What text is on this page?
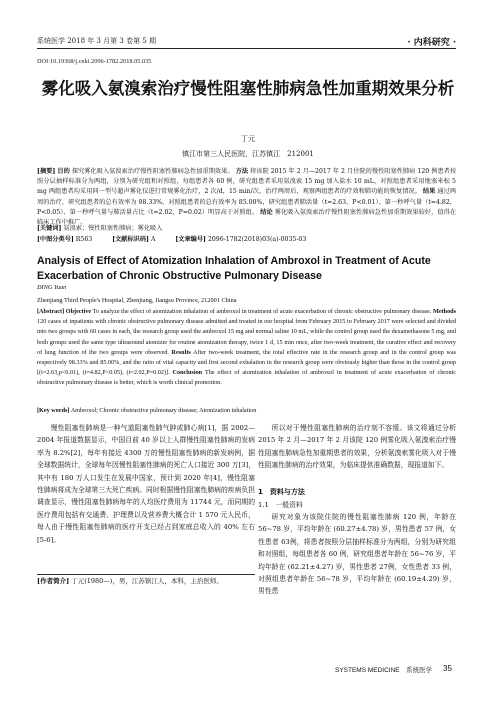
系统医学 2018 年 3 月第 3 卷第 5 期	· 内科研究 ·
DOI:10.19368/j.cnki.2096-1782.2018.05.035
雾化吸入氨溴索治疗慢性阻塞性肺病急性加重期效果分析
丁元
镇江市第三人民医院，江苏镇江　212001
[摘要] 目的 探究雾化吸入氨溴索治疗慢性阻塞性肺病急性加重期效果。 方法 将该院 2015 年 2 月—2017 年 2 月住院的慢性阻塞性肺病 120 例患者按照分层抽样标准分为两组，分别为研究组和对照组，每组患者各 60 例，研究组患者采用氨溴索 15 mg 加入盐水 10 mL，对照组患者采用地塞米松 5 mg 两组患者均采用同一型号超声雾化仪进行常规雾化治疗，2 次/d，15 min/次，治疗两周后，观察两组患者的疗效和肺功能的恢复情况。 结果 通过两周的治疗，研究组患者的总有效率为 98.33%，对照组患者的总有效率为 85.00%，研究组患者肺活量（t=2.63，P<0.01）、第一秒呼气量（t=4.82，P<0.05）、第一秒呼气量与肺活量占比（t=2.02，P=0.02）明显高于对照组。 结论 雾化吸入氨溴索治疗慢性阻塞性肺病急性加重期效果较好，值得在临床工作中推广。
[关键词] 氨溴索；慢性阻塞性肺病；雾化吸入
[中图分类号] R563	[文献标识码] A	[文章编号] 2096-1782(2018)03(a)-0035-03
Analysis of Effect of Atomization Inhalation of Ambroxol in Treatment of Acute Exacerbation of Chronic Obstructive Pulmonary Disease
DING Yuan
Zhenjiang Third People's Hospital, Zhenjiang, Jiangsu Province, 212001 China
[Abstract] Objective To analyze the effect of atomization inhalation of ambroxol in treatment of acute exacerbation of chronic obstructive pulmonary disease. Methods 120 cases of inpatients with chronic obstructive pulmonary disease admitted and treated in our hospital from February 2015 to February 2017 were selected and divided into two groups with 60 cases in each, the research group used the ambroxol 15 mg and normal saline 10 mL, while the control group used the dexamethasone 5 mg, and both groups used the same type ultrasound atomizer for routine atomization therapy, twice 1 d, 15 min once, after two-week treatment, the curative effect and recovery of lung function of the two groups were observed. Results After two-week treatment, the total effective rate in the research group and in the control group was respectively 98.33% and 85.00%, and the ratio of vital capacity and first second exhalation in the research group were obviously higher than those in the control group [(t=2.63,p<0.01), (t=4.82,P<0.05), (t=2.02,P=0.02)]. Conclusion The effect of atomization inhalation of ambroxol in treatment of acute exacerbation of chronic obstructive pulmonary disease is better, which is worth clinical promotion.
[Key words] Ambroxol; Chronic obstructive pulmonary disease; Atomization inhalation
慢性阻塞性肺病是一种气道阻塞性肺气肿或肺心病[1]，据 2002—2004 年报道数据显示，中国目前 40 岁以上人群慢性阻塞性肺病的发病率为 8.2%[2]，每年有接近 4300 万的慢性阻塞性肺病的新发病例，据全球数据统计，全球每年因慢性阻塞性肺病的死亡人口接近 300 万[3]，其中有 180 万人口发生在发展中国家，预计到 2020 年[4]，慢性阻塞性肺病将成为全球第三大死亡疾病。同时根据慢性阻塞性肺病的疾病负担调查显示，慢性阻塞性肺病每年的人均医疗费用为 11744 元，而同期的医疗费用包括有交通费、护理费以及营养费大概合计 1 570 元人民币，每人由于慢性阻塞性肺病的医疗开支已经占到家庭总收入的 40% 左右[5-6]。
[作者简介] 丁元(1980—)，男，江苏镇江人，本科，主治医师。
所以对于慢性阻塞性肺病的治疗刻不容缓。该文将通过分析 2015 年 2 月—2017 年 2 月该院 120 例雾化吸入氨溴索治疗慢性阻塞性肺病急性加重期患者的效果，分析氨溴索雾化吸入对于慢性阻塞性肺病的治疗效果，为临床提供准确数据，现报道如下。
1　资料与方法
1.1　一般资料
研究对象为该院住院的慢性阻塞性肺病 120 例，年龄在 56~78 岁，平均年龄在 (60.27±4.78) 岁，男性患者 57 例，女性患者 63例，将患者按照分层抽样标准分为两组，分别为研究组和对照组，每组患者各 60 例，研究组患者年龄在 56~76 岁，平均年龄在 (62.21±4.27) 岁，男性患者 27例，女性患者 33 例，对照组患者年龄在 56~78 岁，平均年龄在 (60.19±4.29) 岁，男性患
SYSTEMS MEDICINE　系统医学 35
